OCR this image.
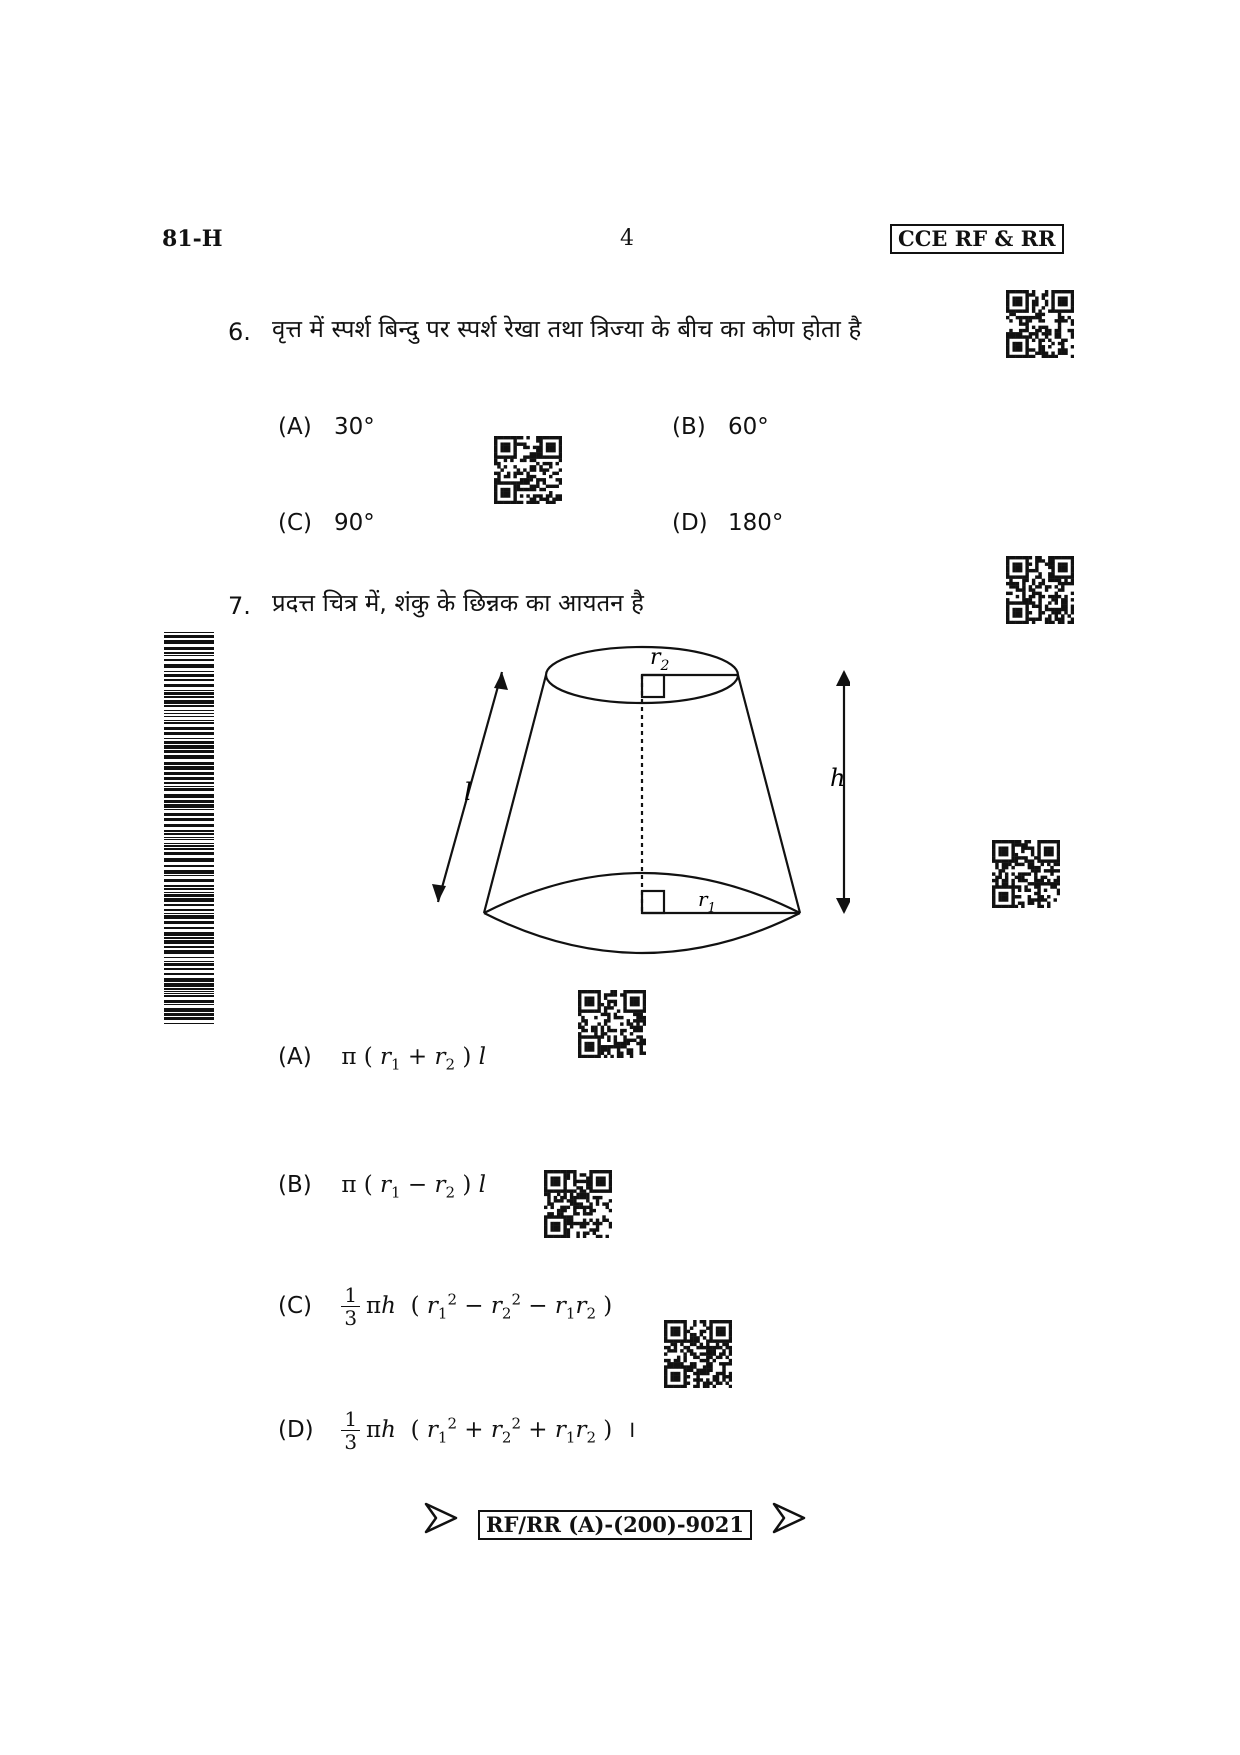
81-H	4	CCE RF & RR
6. वृत्त में स्पर्श बिन्दु पर स्पर्श रेखा तथा त्रिज्या के बीच का कोण होता है
(A) 30°	(B) 60°
(C) 90°	(D) 180°
7. प्रदत्त चित्र में, शंकु के छिन्नक का आयतन है
$r_2$
$r_1$
l	h
(A) π ( $r_1 + r_2$ ) l
(B) π ( $r_1 - r_2$ ) l
$(C) \frac{1}{3}$ πh  ( $r_1^2 - r_2^2 - r_1r_2$ )
$(D) \frac{1}{3}$ πh  ( $r_1^2 + r_2^2 + r_1r_2$ )  ।
RF/RR (A)-(200)-9021
